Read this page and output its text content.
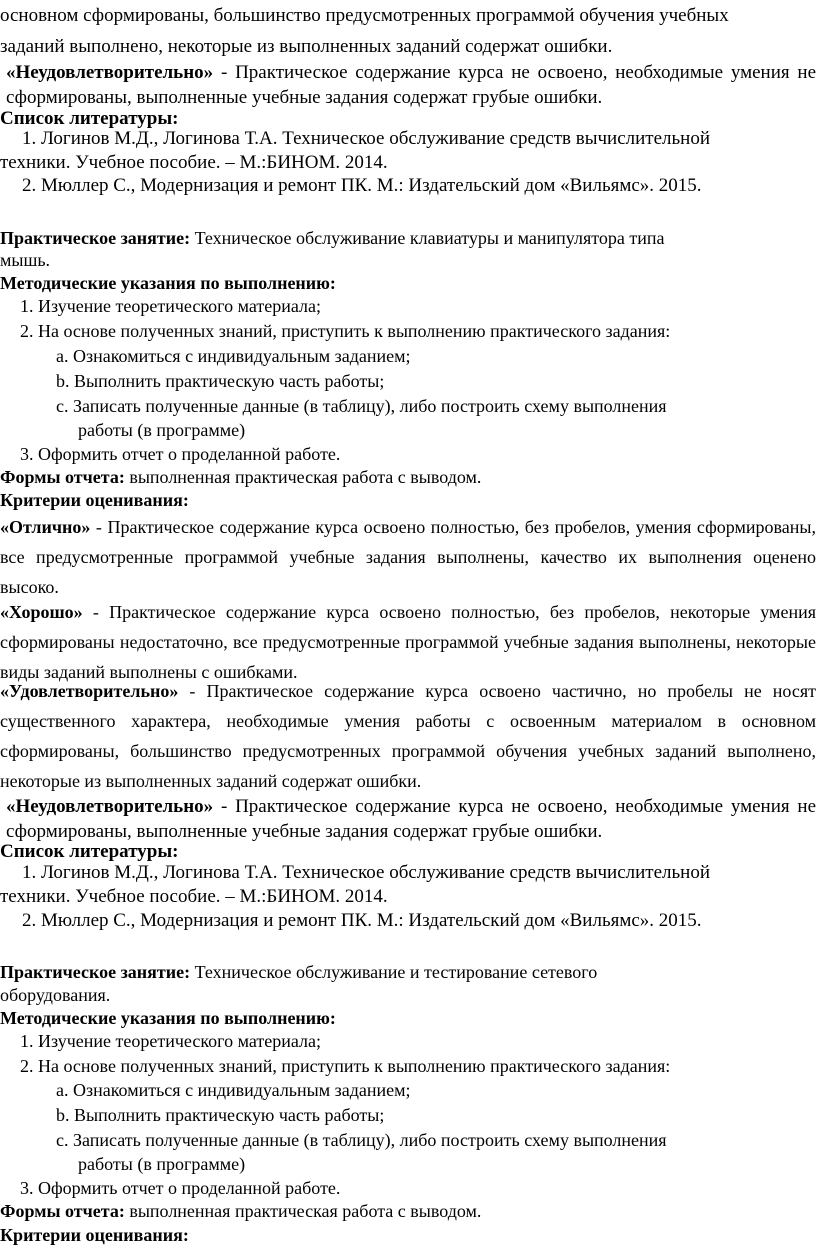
основном сформированы, большинство предусмотренных программой обучения учебных

заданий выполнено, некоторые из выполненных заданий содержат ошибки.

«Неудовлетворительно» - Практическое содержание курса не освоено, необходимые умения не сформированы, выполненные учебные задания содержат грубые ошибки.

Список литературы:

1. Логинов М.Д., Логинова Т.А. Техническое обслуживание средств вычислительной

техники. Учебное пособие. – М.:БИНОМ. 2014.

2. Мюллер С., Модернизация и ремонт ПК. М.: Издательский дом «Вильямс». 2015.

Практическое занятие: Техническое обслуживание клавиатуры и манипулятора типа

мышь.

Методические указания по выполнению:

1. Изучение теоретического материала;

2. На основе полученных знаний, приступить к выполнению практического задания:

a. Ознакомиться с индивидуальным заданием;

b. Выполнить практическую часть работы;

c. Записать полученные данные (в таблицу), либо построить схему выполнения

работы (в программе)

3. Оформить отчет о проделанной работе.

Формы отчета: выполненная практическая работа с выводом.

Критерии оценивания:

«Отлично» - Практическое содержание курса освоено полностью, без пробелов, умения сформированы, все предусмотренные программой учебные задания выполнены, качество их выполнения оценено высоко.

«Хорошо» - Практическое содержание курса освоено полностью, без пробелов, некоторые умения сформированы недостаточно, все предусмотренные программой учебные задания выполнены, некоторые виды заданий выполнены с ошибками.

«Удовлетворительно» - Практическое содержание курса освоено частично, но пробелы не носят существенного характера, необходимые умения работы с освоенным материалом в основном сформированы, большинство предусмотренных программой обучения учебных заданий выполнено, некоторые из выполненных заданий содержат ошибки.

«Неудовлетворительно» - Практическое содержание курса не освоено, необходимые умения не сформированы, выполненные учебные задания содержат грубые ошибки.

Список литературы:

1. Логинов М.Д., Логинова Т.А. Техническое обслуживание средств вычислительной

техники. Учебное пособие. – М.:БИНОМ. 2014.

2. Мюллер С., Модернизация и ремонт ПК. М.: Издательский дом «Вильямс». 2015.

Практическое занятие: Техническое обслуживание и тестирование сетевого

оборудования.

Методические указания по выполнению:

1. Изучение теоретического материала;

2. На основе полученных знаний, приступить к выполнению практического задания:

a. Ознакомиться с индивидуальным заданием;

b. Выполнить практическую часть работы;

c. Записать полученные данные (в таблицу), либо построить схему выполнения

работы (в программе)

3. Оформить отчет о проделанной работе.

Формы отчета: выполненная практическая работа с выводом.

Критерии оценивания:
